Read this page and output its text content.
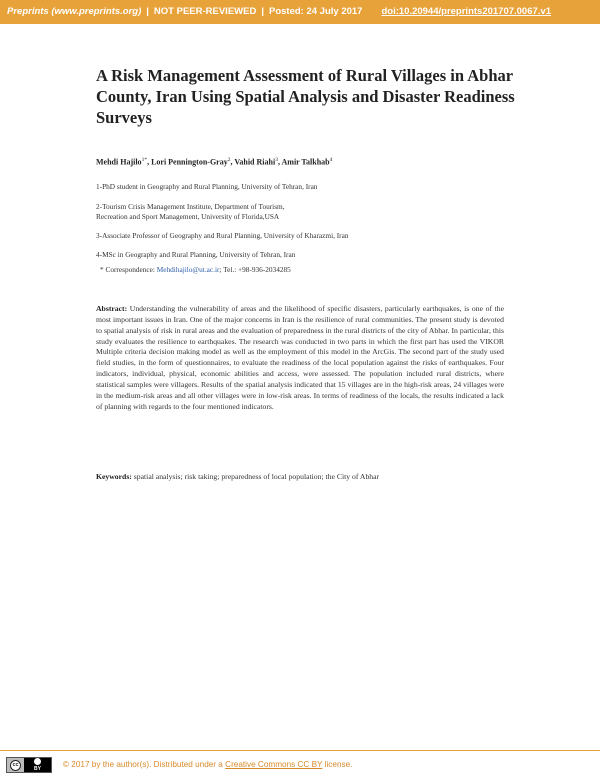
Preprints (www.preprints.org) | NOT PEER-REVIEWED | Posted: 24 July 2017 doi:10.20944/preprints201707.0067.v1
A Risk Management Assessment of Rural Villages in Abhar County, Iran Using Spatial Analysis and Disaster Readiness Surveys
Mehdi Hajilo$^{1*}$, Lori Pennington-Gray$^2$, Vahid Riahi$^3$, Amir Talkhab$^4$
1-PhD student in Geography and Rural Planning, University of Tehran, Iran
2-Tourism Crisis Management Institute, Department of Tourism,
Recreation and Sport Management, University of Florida,USA
3-Associate Professor of Geography and Rural Planning, University of Kharazmi, Iran
4-MSc in Geography and Rural Planning, University of Tehran, Iran
* Correspondence: Mehdihajilo@ut.ac.ir; Tel.: +98-936-2034285

Abstract: Understanding the vulnerability of areas and the likelihood of specific disasters, particularly earthquakes, is one of the most important issues in Iran. One of the major concerns in Iran is the resilience of rural communities. The present study is devoted to spatial analysis of risk in rural areas and the evaluation of preparedness in the rural districts of the city of Abhar. In particular, this study evaluates the resilience to earthquakes. The research was conducted in two parts in which the first part has used the VIKOR Multiple criteria decision making model as well as the employment of this model in the ArcGis. The second part of the study used field studies, in the form of questionnaires, to evaluate the readiness of the local population against the risks of earthquakes. Four indicators, individual, physical, economic abilities and access, were assessed. The population included rural districts, where statistical samples were villagers. Results of the spatial analysis indicated that 15 villages are in the high-risk areas, 24 villages were in the medium-risk areas and all other villages were in low-risk areas. In terms of readiness of the locals, the results indicated a lack of planning with regards to the four mentioned indicators.

Keywords: spatial analysis; risk taking; preparedness of local population; the City of Abhar

cc
BY	© 2017 by the author(s). Distributed under a Creative Commons CC BY license.
